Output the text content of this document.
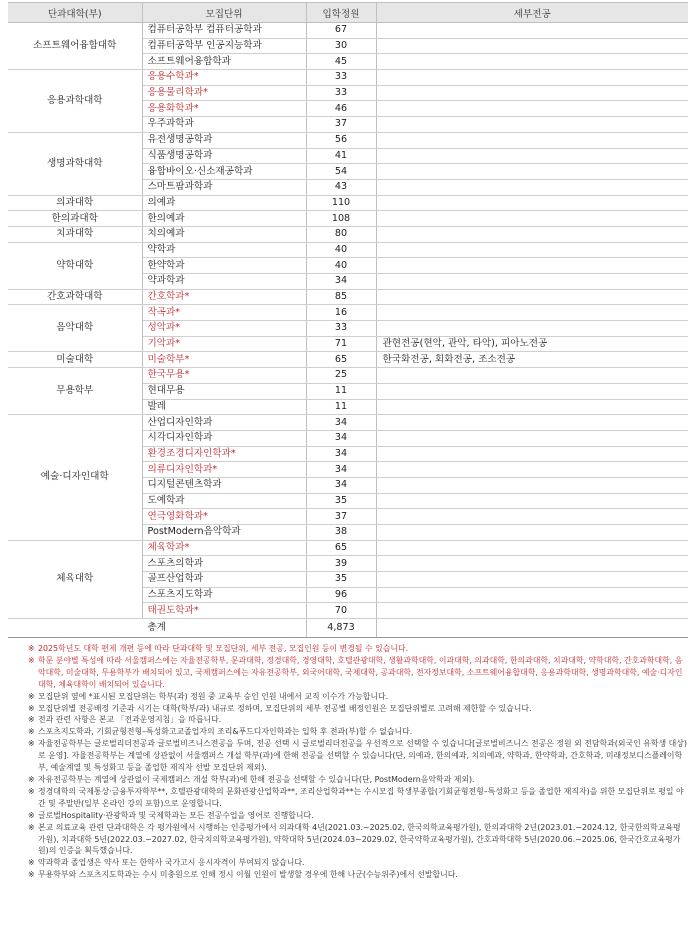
단과대학(부)	모집단위	입학정원	세부전공
소프트웨어융합대학	컴퓨터공학부 컴퓨터공학과	67	
	컴퓨터공학부 인공지능학과	30	
	소프트웨어융합학과	45	
응용과학대학	응용수학과*	33	
	응용물리학과*	33	
	응용화학과*	46	
	우주과학과	37	
생명과학대학	유전생명공학과	56	
	식품생명공학과	41	
	융합바이오·신소재공학과	54	
	스마트팜과학과	43	
의과대학	의예과	110	
한의과대학	한의예과	108	
치과대학	치의예과	80	
약학대학	약학과	40	
	한약학과	40	
	약과학과	34	
간호과학대학	간호학과*	85	
음악대학	작곡과*	16	
	성악과*	33	
	기악과*	71	관현전공(현악, 관악, 타악), 피아노전공
미술대학	미술학부*	65	한국화전공, 회화전공, 조소전공
무용학부	한국무용*	25	
	현대무용	11	
	발레	11	
예술·디자인대학	산업디자인학과	34	
	시각디자인학과	34	
	환경조경디자인학과*	34	
	의류디자인학과*	34	
	디지털콘텐츠학과	34	
	도예학과	35	
	연극영화학과*	37	
	PostModern음악학과	38	
체육대학	체육학과*	65	
	스포츠의학과	39	
	골프산업학과	35	
	스포츠지도학과	96	
	태권도학과*	70	
총계		4,873	
※ 2025학년도 대학 편제 개편 등에 따라 단과대학 및 모집단위, 세부 전공, 모집인원 등이 변경될 수 있습니다.
※ 학문 분야별 특성에 따라 서울캠퍼스에는 자율전공학부, 문과대학, 정경대학, 경영대학, 호텔관광대학, 생활과학대학, 이과대학, 의과대학, 한의과대학, 치과대학, 약학대학, 간호과학대학, 음악대학, 미술대학, 무용학부가 배치되어 있고, 국제캠퍼스에는 자유전공학부, 외국어대학, 국제대학, 공과대학, 전자정보대학, 소프트웨어융합대학, 응용과학대학, 생명과학대학, 예술·디자인대학, 체육대학이 배치되어 있습니다.
※ 모집단위 옆에 *표시된 모집단위는 학부(과) 정원 중 교육부 승인 인원 내에서 교직 이수가 가능합니다.
※ 모집단위별 전공배정 기준과 시기는 대학(학부/과) 내규로 정하며, 모집단위의 세부 전공별 배정인원은 모집단위별로 고려해 제한할 수 있습니다.
※ 전과 관련 사항은 본교 「전과운영지침」을 따릅니다.
※ 스포츠지도학과, 기회균형전형–특성화고교졸업자의 조리&푸드디자인학과는 입학 후 전과(부)할 수 없습니다.
※ 자율전공학부는 글로벌리더전공과 글로벌비즈니스전공을 두며, 전공 선택 시 글로벌리더전공을 우선적으로 선택할 수 있습니다[글로벌비즈니스 전공은 정원 외 전담학과(외국인 유학생 대상)로 운영]. 자율전공학부는 계열에 상관없이 서울캠퍼스 개설 학부(과)에 한해 전공을 선택할 수 있습니다(단, 의예과, 한의예과, 치의예과, 약학과, 한약학과, 간호학과, 미래정보디스플레이학부, 예술계열 및 특성화고 등을 졸업한 재직자 선발 모집단위 제외).
※ 자유전공학부는 계열에 상관없이 국제캠퍼스 개설 학부(과)에 한해 전공을 선택할 수 있습니다(단, PostModern음악학과 제외).
※ 정경대학의 국제통상·금융투자학부**, 호텔관광대학의 문화관광산업학과**, 조리산업학과**는 수시모집 학생부종합(기회균형전형–특성화고 등을 졸업한 재직자)을 위한 모집단위로 평일 야간 및 주말반(일부 온라인 강의 포함)으로 운영합니다.
※ 글로벌Hospitality·관광학과 및 국제학과는 모든 전공수업을 영어로 진행합니다.
※ 본교 의료교육 관련 단과대학은 각 평가원에서 시행하는 인증평가에서 의과대학 4년(2021.03.~2025.02, 한국의학교육평가원), 한의과대학 2년(2023.01.~2024.12, 한국한의학교육평가원), 치과대학 5년(2022.03.~2027.02, 한국치의학교육평가원), 약학대학 5년(2024.03~2029.02, 한국약학교육평가원), 간호과학대학 5년(2020.06.~2025.06, 한국간호교육평가원)의 인증을 획득했습니다.
※ 약과학과 졸업생은 약사 또는 한약사 국가고시 응시자격이 부여되지 않습니다.
※ 무용학부와 스포츠지도학과는 수시 미충원으로 인해 정시 이월 인원이 발생할 경우에 한해 나군(수능위주)에서 선발합니다.
